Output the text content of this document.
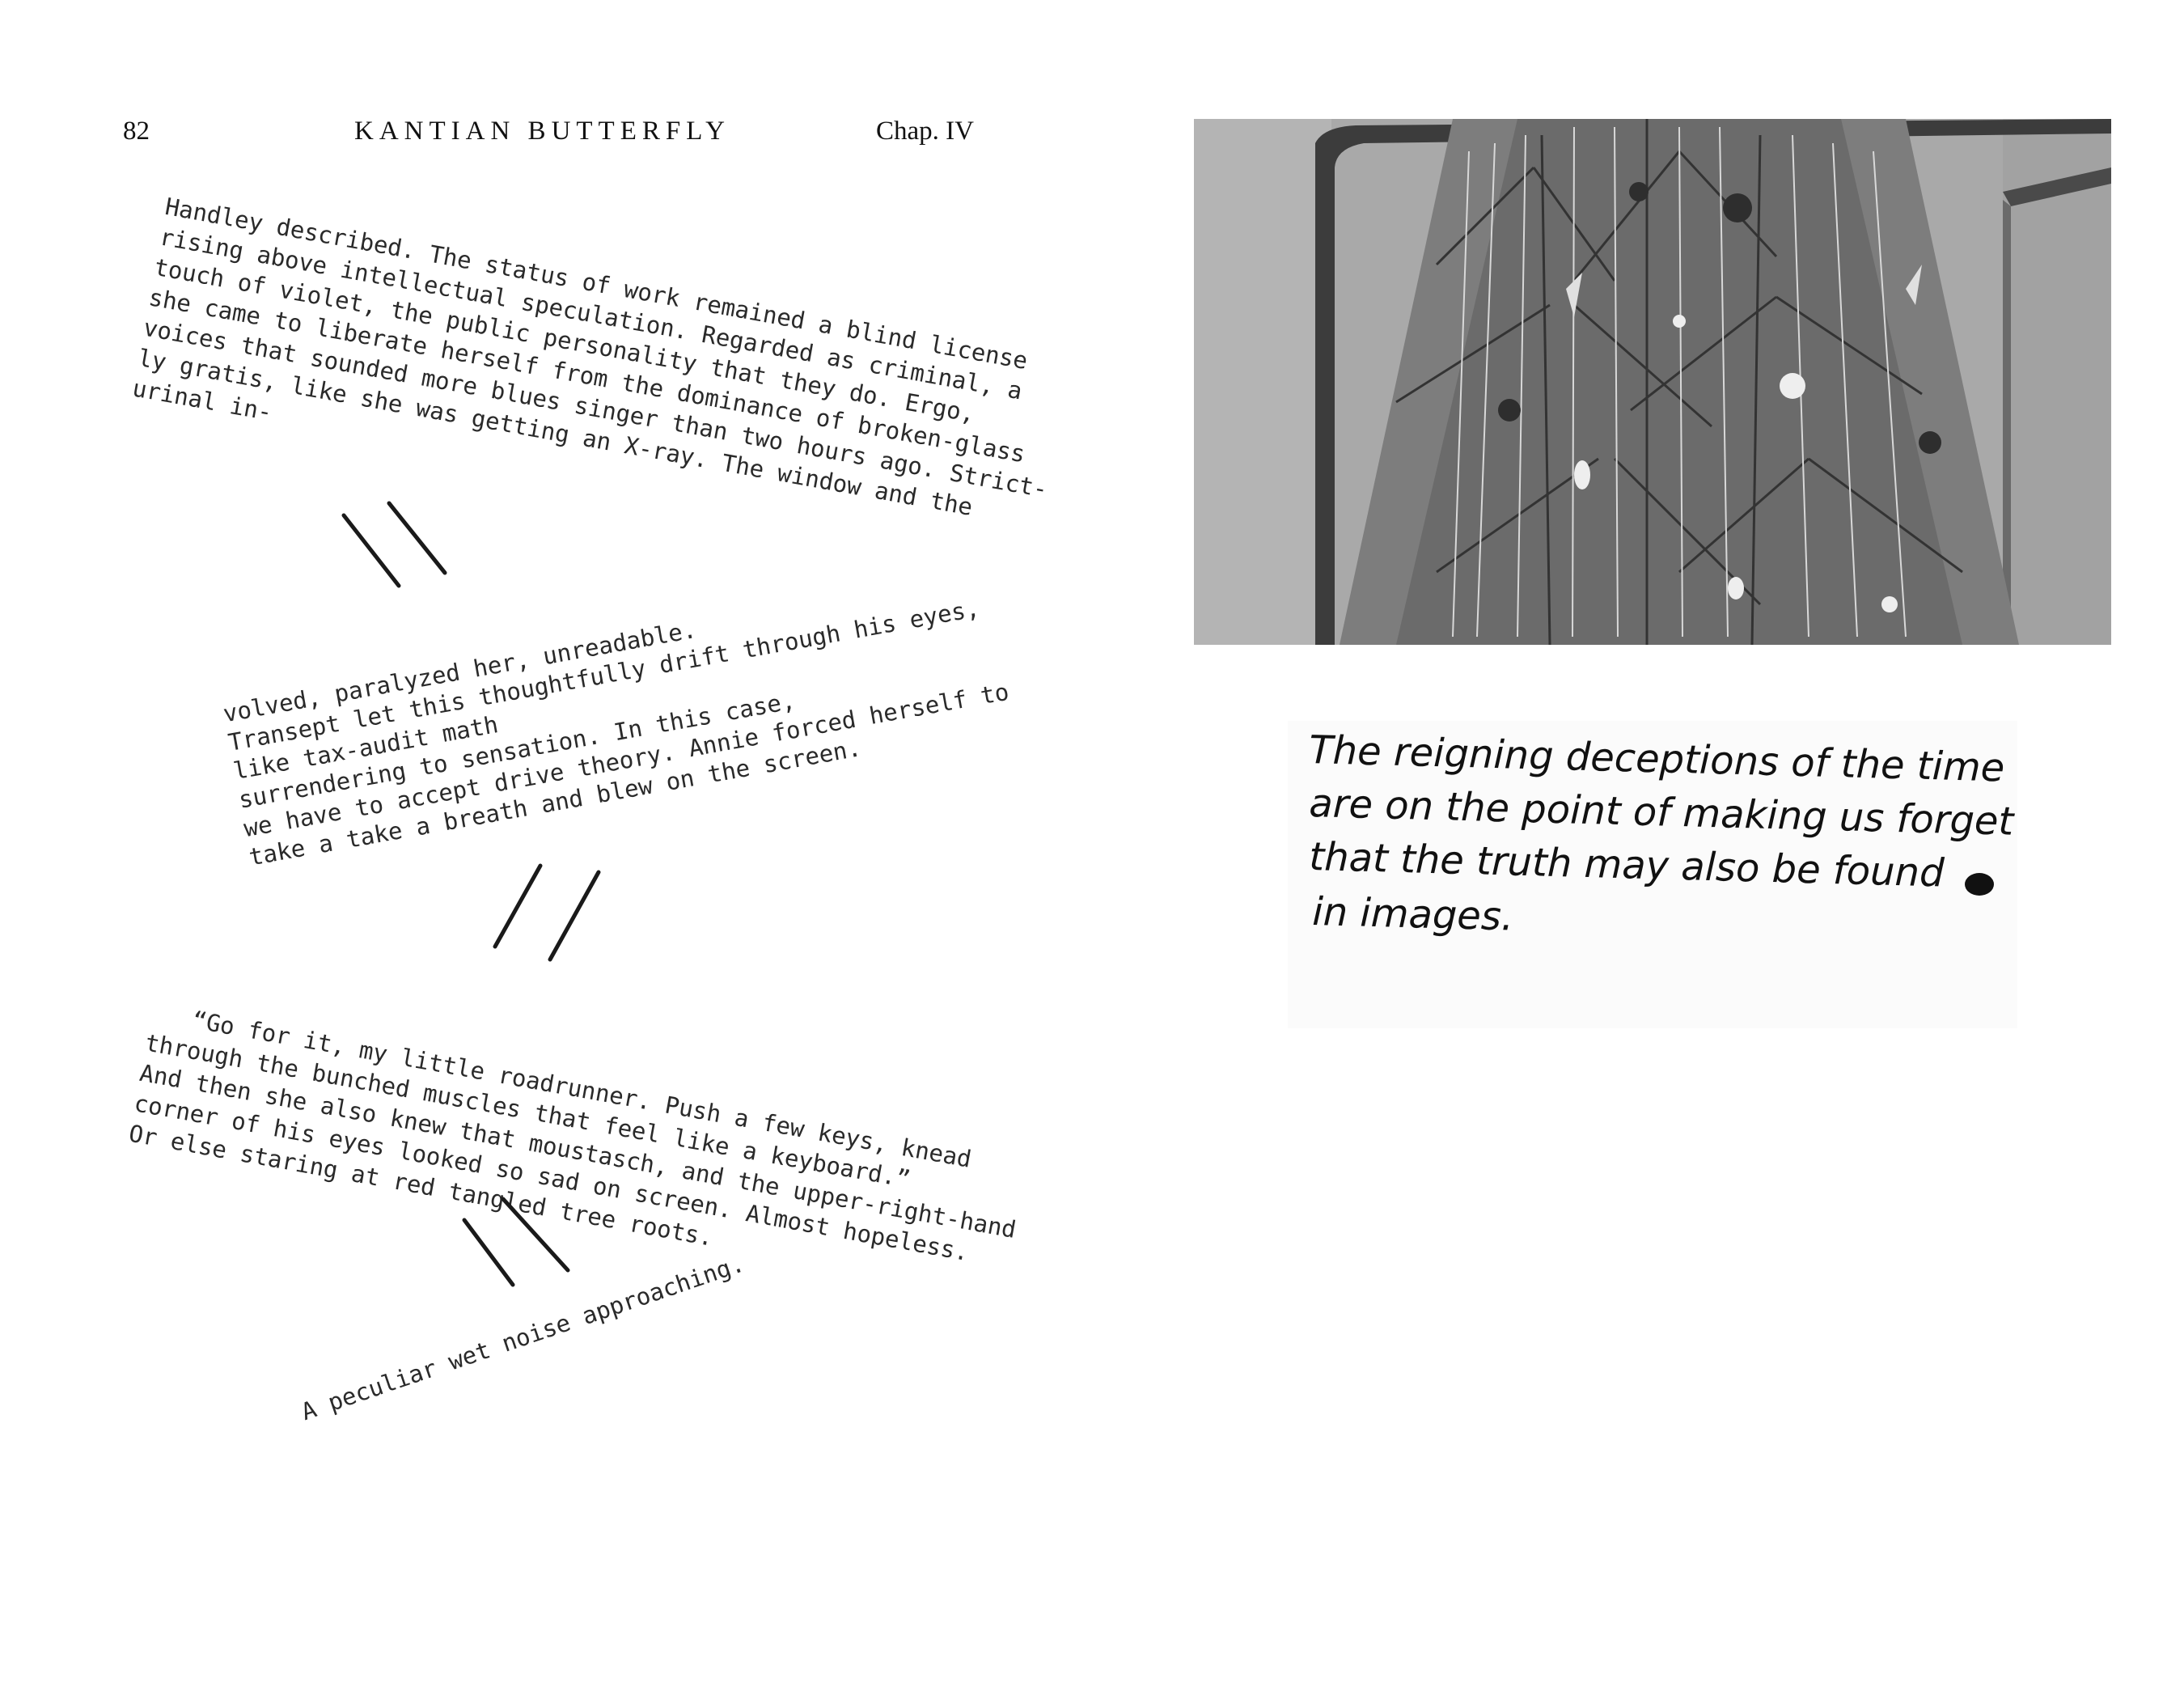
82	KANTIAN BUTTERFLY	Chap. IV
Handley described. The status of work remained a blind license
rising above intellectual speculation. Regarded as criminal, a
touch of violet, the public personality that they do. Ergo,
she came to liberate herself from the dominance of broken-glass
voices that sounded more blues singer than two hours ago. Strict-
ly gratis, like she was getting an X-ray. The window and the
urinal in-
volved, paralyzed her, unreadable.
Transept let this thoughtfully drift through his eyes,
like tax-audit math
surrendering to sensation. In this case,
we have to accept drive theory. Annie forced herself to
take a take a breath and blew on the screen.
“Go for it, my little roadrunner. Push a few keys, knead
through the bunched muscles that feel like a keyboard.”
And then she also knew that moustasch, and the upper-right-hand
corner of his eyes looked so sad on screen. Almost hopeless.
Or else staring at red tangled tree roots.
A peculiar wet noise approaching.
The reigning deceptions of the time
are on the point of making us forget
that the truth may also be found
in images.
